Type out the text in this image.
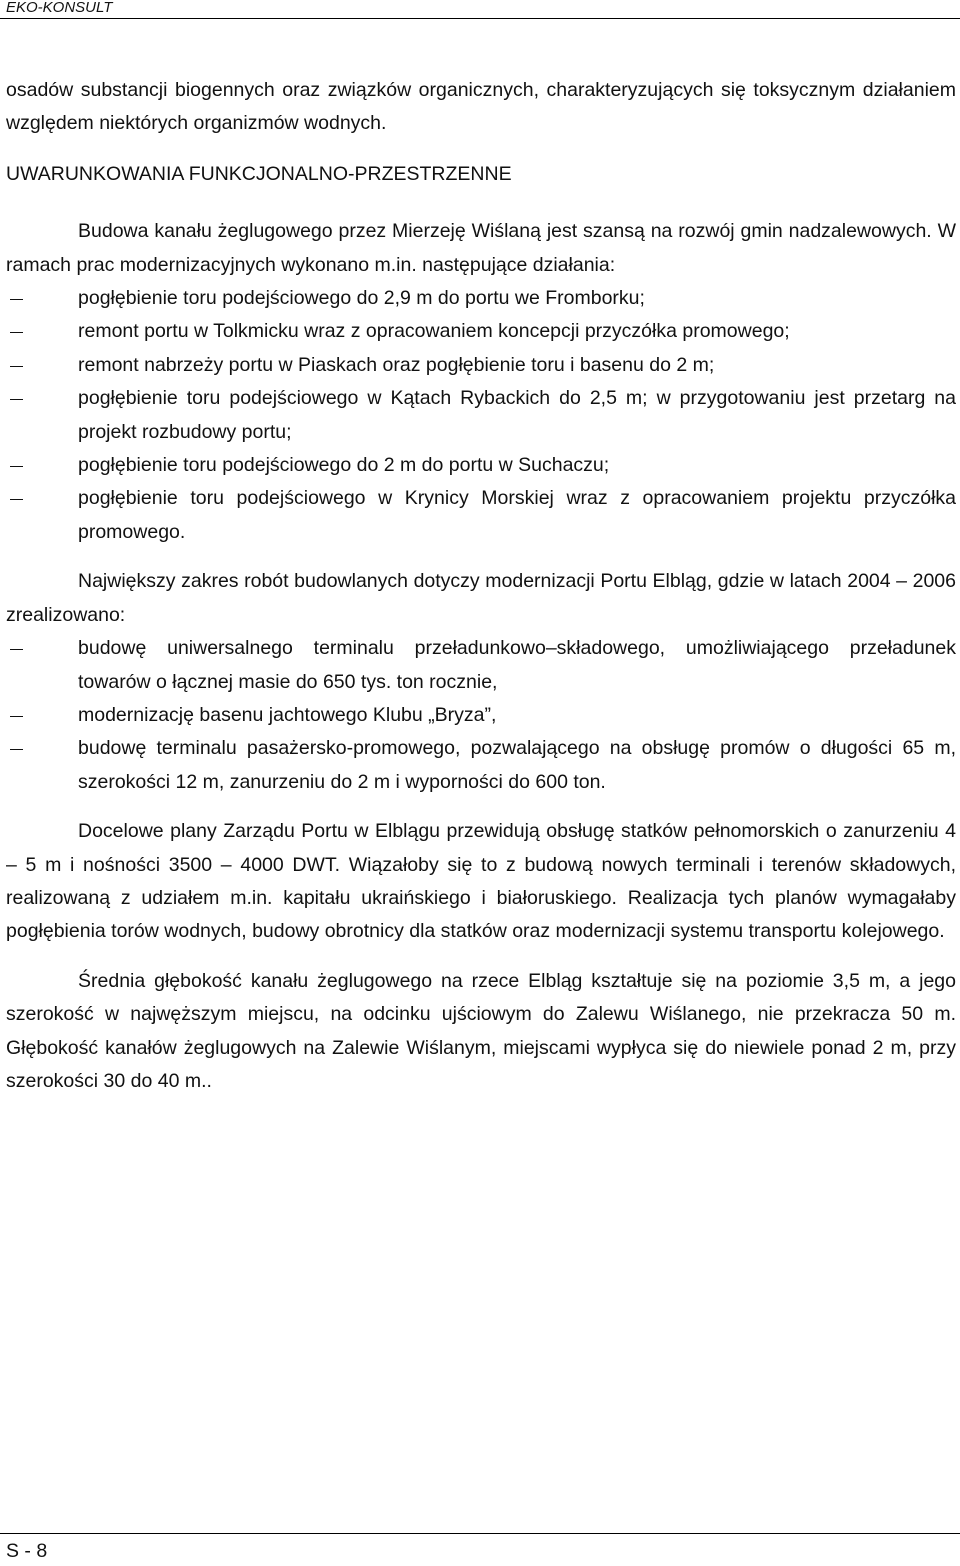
EKO-KONSULT

osadów substancji biogennych oraz związków organicznych, charakteryzujących się toksycznym działaniem względem niektórych organizmów wodnych.

UWARUNKOWANIA FUNKCJONALNO-PRZESTRZENNE

Budowa kanału żeglugowego przez Mierzeję Wiślaną jest szansą na rozwój gmin nadzalewowych. W ramach prac modernizacyjnych wykonano m.in. następujące działania:

pogłębienie toru podejściowego do 2,9 m do portu we Fromborku;
remont portu w Tolkmicku wraz z opracowaniem koncepcji przyczółka promowego;
remont nabrzeży portu w Piaskach oraz pogłębienie toru i basenu do 2 m;
pogłębienie toru podejściowego w Kątach Rybackich do 2,5 m; w przygotowaniu jest przetarg na projekt rozbudowy portu;
pogłębienie toru podejściowego do 2 m do portu w Suchaczu;
pogłębienie toru podejściowego w Krynicy Morskiej wraz z opracowaniem projektu przyczółka promowego.

Największy zakres robót budowlanych dotyczy modernizacji Portu Elbląg, gdzie w latach 2004 – 2006 zrealizowano:

budowę uniwersalnego terminalu przeładunkowo–składowego, umożliwiającego przeładunek towarów o łącznej masie do 650 tys. ton rocznie,
modernizację basenu jachtowego Klubu „Bryza”,
budowę terminalu pasażersko-promowego, pozwalającego na obsługę promów o długości 65 m, szerokości 12 m, zanurzeniu do 2 m i wyporności do 600 ton.

Docelowe plany Zarządu Portu w Elblągu przewidują obsługę statków pełnomorskich o zanurzeniu 4 – 5 m i nośności 3500 – 4000 DWT. Wiązałoby się to z budową nowych terminali i terenów składowych, realizowaną z udziałem m.in. kapitału ukraińskiego i białoruskiego. Realizacja tych planów wymagałaby pogłębienia torów wodnych, budowy obrotnicy dla statków oraz modernizacji systemu transportu kolejowego.

Średnia głębokość kanału żeglugowego na rzece Elbląg kształtuje się na poziomie 3,5 m, a jego szerokość w najwęższym miejscu, na odcinku ujściowym do Zalewu Wiślanego, nie przekracza 50 m. Głębokość kanałów żeglugowych na Zalewie Wiślanym, miejscami wypłyca się do niewiele ponad 2 m, przy szerokości 30 do 40 m..

S - 8
